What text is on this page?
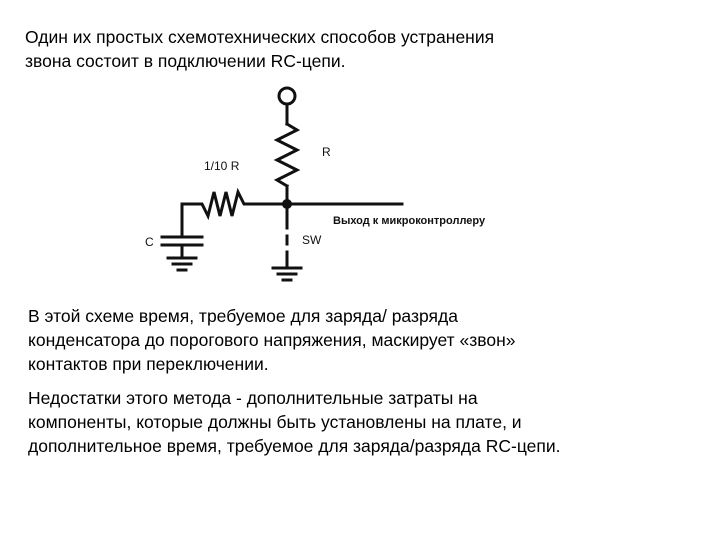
Один их простых схемотехнических способов устранения
звона состоит в подключении RC-цепи.

R
Выход к микроконтроллеру
1/10 R
C	SW

В этой схеме время, требуемое для заряда/ разряда
конденсатора до порогового напряжения, маскирует «звон»
контактов при переключении.

Недостатки этого метода - дополнительные затраты на
компоненты, которые должны быть установлены на плате, и
дополнительное время, требуемое для заряда/разряда RC-цепи.
